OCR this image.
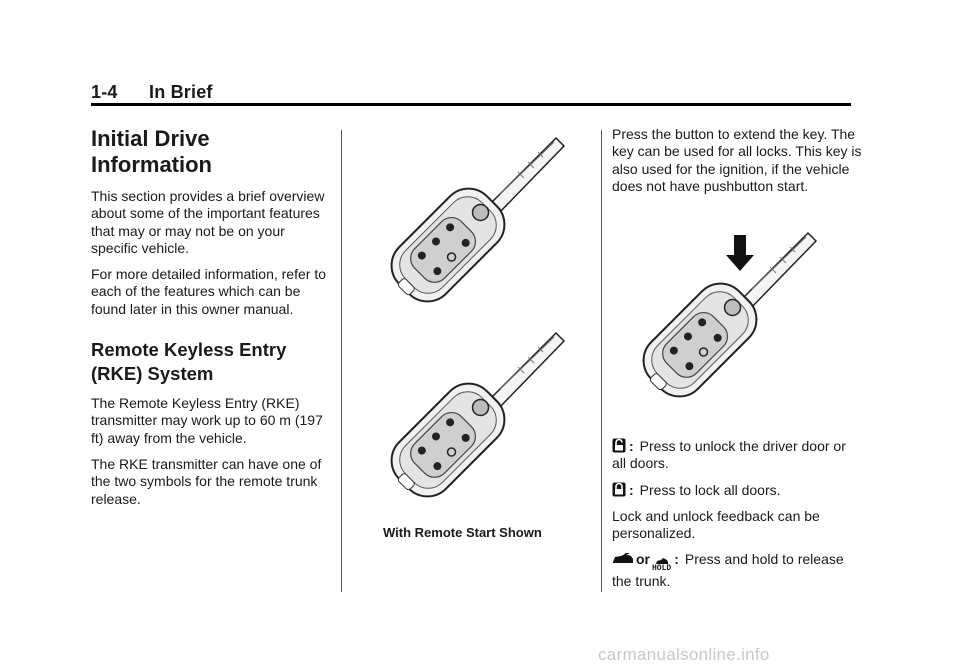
1-4 In Brief
Initial Drive Information

This section provides a brief overview about some of the important features that may or may not be on your specific vehicle.

For more detailed information, refer to each of the features which can be found later in this owner manual.

Remote Keyless Entry (RKE) System

The Remote Keyless Entry (RKE) transmitter may work up to 60 m (197 ft) away from the vehicle.

The RKE transmitter can have one of the two symbols for the remote trunk release.

With Remote Start Shown

Press the button to extend the key. The key can be used for all locks. This key is also used for the ignition, if the vehicle does not have pushbutton start.

: Press to unlock the driver door or all doors.

: Press to lock all doors.

Lock and unlock feedback can be personalized.

or
HOLD
: Press and hold to release the trunk.

carmanualsonline.info
